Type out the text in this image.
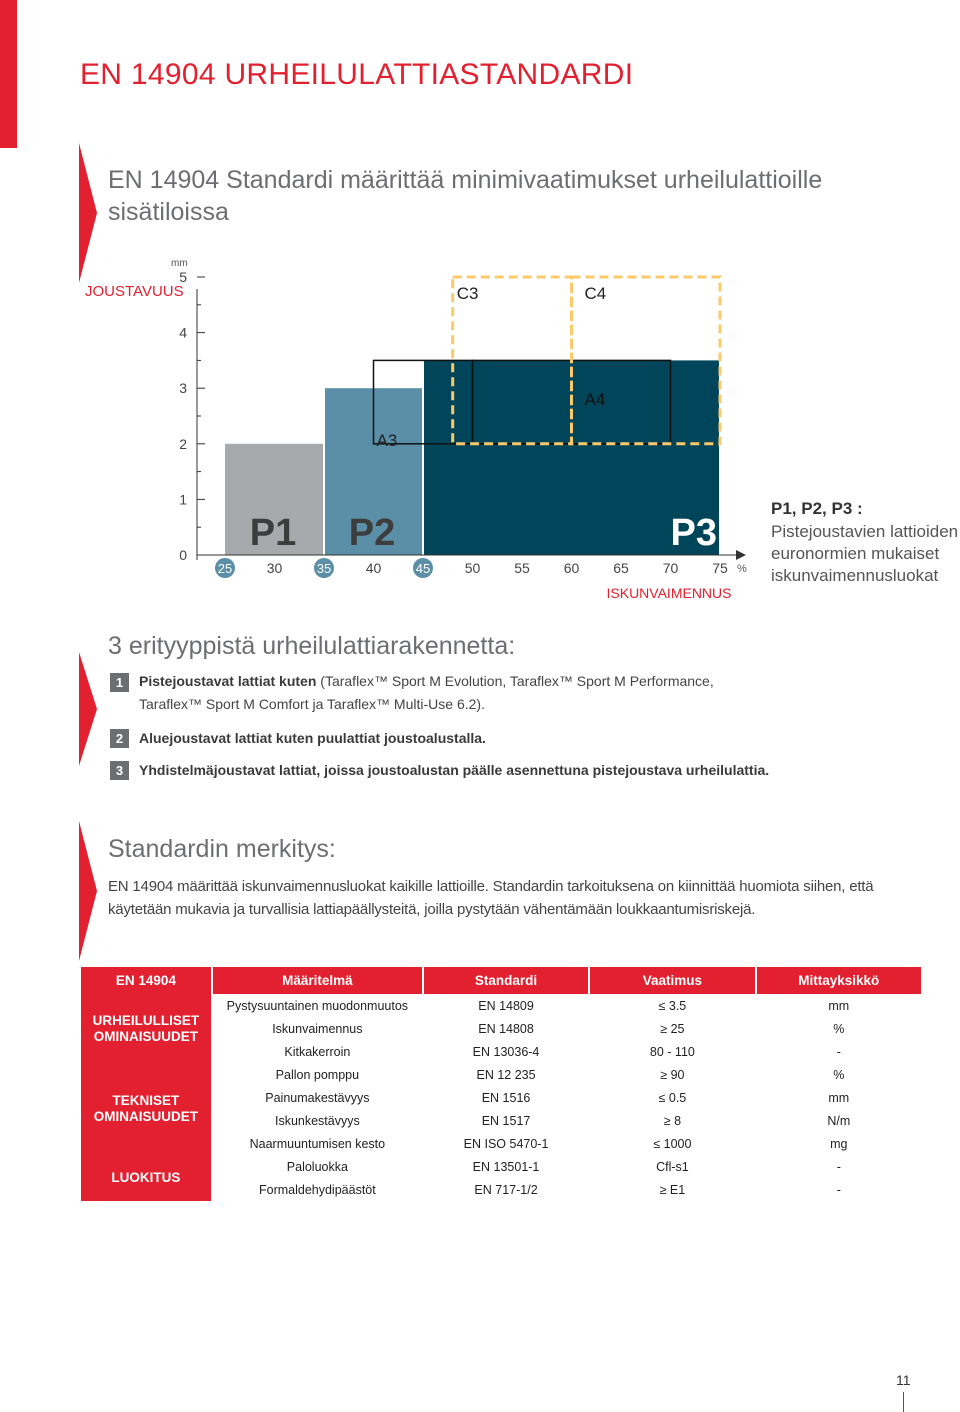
EN 14904 URHEILULATTIASTANDARDI
EN 14904 Standardi määrittää minimivaatimukset urheilulattioille sisätiloissa
P1 P2	P3
C3	C4
A3
A4
5
4
3
2
1
0
25 30	35 40	45 50 55 60 65 70 75
mm
JOUSTAVUUS
ISKUNVAIMENNUS
%
P1, P2, P3 :
Pistejoustavien lattioiden euronormien mukaiset iskunvaimennusluokat
3 erityyppistä urheilulattiarakennetta:
1	Pistejoustavat lattiat kuten (Taraflex™ Sport M Evolution, Taraflex™ Sport M Performance, Taraflex™ Sport M Comfort ja Taraflex™ Multi-Use 6.2).
2	Aluejoustavat lattiat kuten puulattiat joustoalustalla.
3	Yhdistelmäjoustavat lattiat, joissa joustoalustan päälle asennettuna pistejoustava urheilulattia.
Standardin merkitys:
EN 14904 määrittää iskunvaimennusluokat kaikille lattioille. Standardin tarkoituksena on kiinnittää huomiota siihen, että käytetään mukavia ja turvallisia lattiapäällysteitä, joilla pystytään vähentämään loukkaantumisriskejä.
EN 14904	Määritelmä	Standardi	Vaatimus	Mittayksikkö
URHEILULLISET OMINAISUUDET	Pystysuuntainen muodonmuutos	EN 14809	≤ 3.5	mm
	Iskunvaimennus	EN 14808	≥ 25	%
	Kitkakerroin	EN 13036-4	80 - 110	-
TEKNISET OMINAISUUDET	Pallon pomppu	EN 12 235	≥ 90	%
	Painumakestävyys	EN 1516	≤ 0.5	mm
	Iskunkestävyys	EN 1517	≥ 8	N/m
	Naarmuuntumisen kesto	EN ISO 5470-1	≤ 1000	mg
LUOKITUS	Paloluokka	EN 13501-1	Cfl-s1	-
	Formaldehydipäästöt	EN 717-1/2	≥ E1	-
11
